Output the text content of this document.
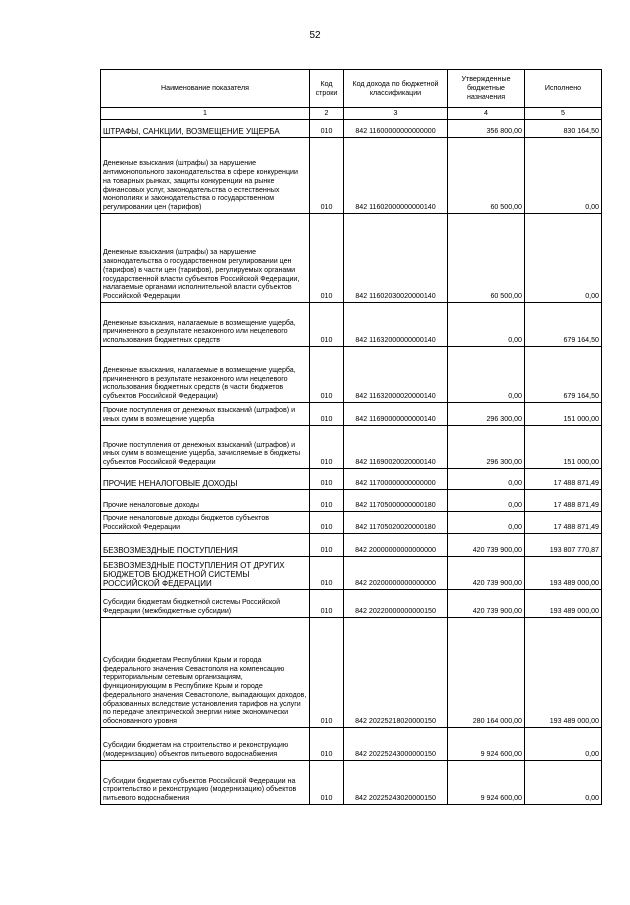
52
Наименование показателя	Код строки	Код дохода по бюджетной классификации	Утвержденные бюджетные назначения	Исполнено
1	2	3	4	5
ШТРАФЫ, САНКЦИИ, ВОЗМЕЩЕНИЕ УЩЕРБА	010	842 11600000000000000	356 800,00	830 164,50
Денежные взыскания (штрафы) за нарушение антимонопольного законодательства в сфере конкуренции на товарных рынках, защиты конкуренции на рынке финансовых услуг, законодательства о естественных монополиях и законодательства о государственном регулировании цен (тарифов)	010	842 11602000000000140	60 500,00	0,00
Денежные взыскания (штрафы) за нарушение законодательства о государственном регулировании цен (тарифов) в части цен (тарифов), регулируемых органами государственной власти субъектов Российской Федерации, налагаемые органами исполнительной власти субъектов Российской Федерации	010	842 11602030020000140	60 500,00	0,00
Денежные взыскания, налагаемые в возмещение ущерба, причиненного в результате незаконного или нецелевого использования бюджетных средств	010	842 11632000000000140	0,00	679 164,50
Денежные взыскания, налагаемые в возмещение ущерба, причиненного в результате незаконного или нецелевого использования бюджетных средств (в части бюджетов субъектов Российской Федерации)	010	842 11632000020000140	0,00	679 164,50
Прочие поступления от денежных взысканий (штрафов) и иных сумм в возмещение ущерба	010	842 11690000000000140	296 300,00	151 000,00
Прочие поступления от денежных взысканий (штрафов) и иных сумм в возмещение ущерба, зачисляемые в бюджеты субъектов Российской Федерации	010	842 11690020020000140	296 300,00	151 000,00
ПРОЧИЕ НЕНАЛОГОВЫЕ ДОХОДЫ	010	842 11700000000000000	0,00	17 488 871,49
Прочие неналоговые доходы	010	842 11705000000000180	0,00	17 488 871,49
Прочие неналоговые доходы бюджетов субъектов Российской Федерации	010	842 11705020020000180	0,00	17 488 871,49
БЕЗВОЗМЕЗДНЫЕ ПОСТУПЛЕНИЯ	010	842 20000000000000000	420 739 900,00	193 807 770,87
БЕЗВОЗМЕЗДНЫЕ ПОСТУПЛЕНИЯ ОТ ДРУГИХ БЮДЖЕТОВ БЮДЖЕТНОЙ СИСТЕМЫ РОССИЙСКОЙ ФЕДЕРАЦИИ	010	842 20200000000000000	420 739 900,00	193 489 000,00
Субсидии бюджетам бюджетной системы Российской Федерации (межбюджетные субсидии)	010	842 20220000000000150	420 739 900,00	193 489 000,00
Субсидии бюджетам Республики Крым и города федерального значения Севастополя на компенсацию территориальным сетевым организациям, функционирующим в Республике Крым и городе федерального значения Севастополе, выпадающих доходов, образованных вследствие установления тарифов на услуги по передаче электрической энергии ниже экономически обоснованного уровня	010	842 20225218020000150	280 164 000,00	193 489 000,00
Субсидии бюджетам на строительство и реконструкцию (модернизацию) объектов питьевого водоснабжения	010	842 20225243000000150	9 924 600,00	0,00
Субсидии бюджетам субъектов Российской Федерации на строительство и реконструкцию (модернизацию) объектов питьевого водоснабжения	010	842 20225243020000150	9 924 600,00	0,00
